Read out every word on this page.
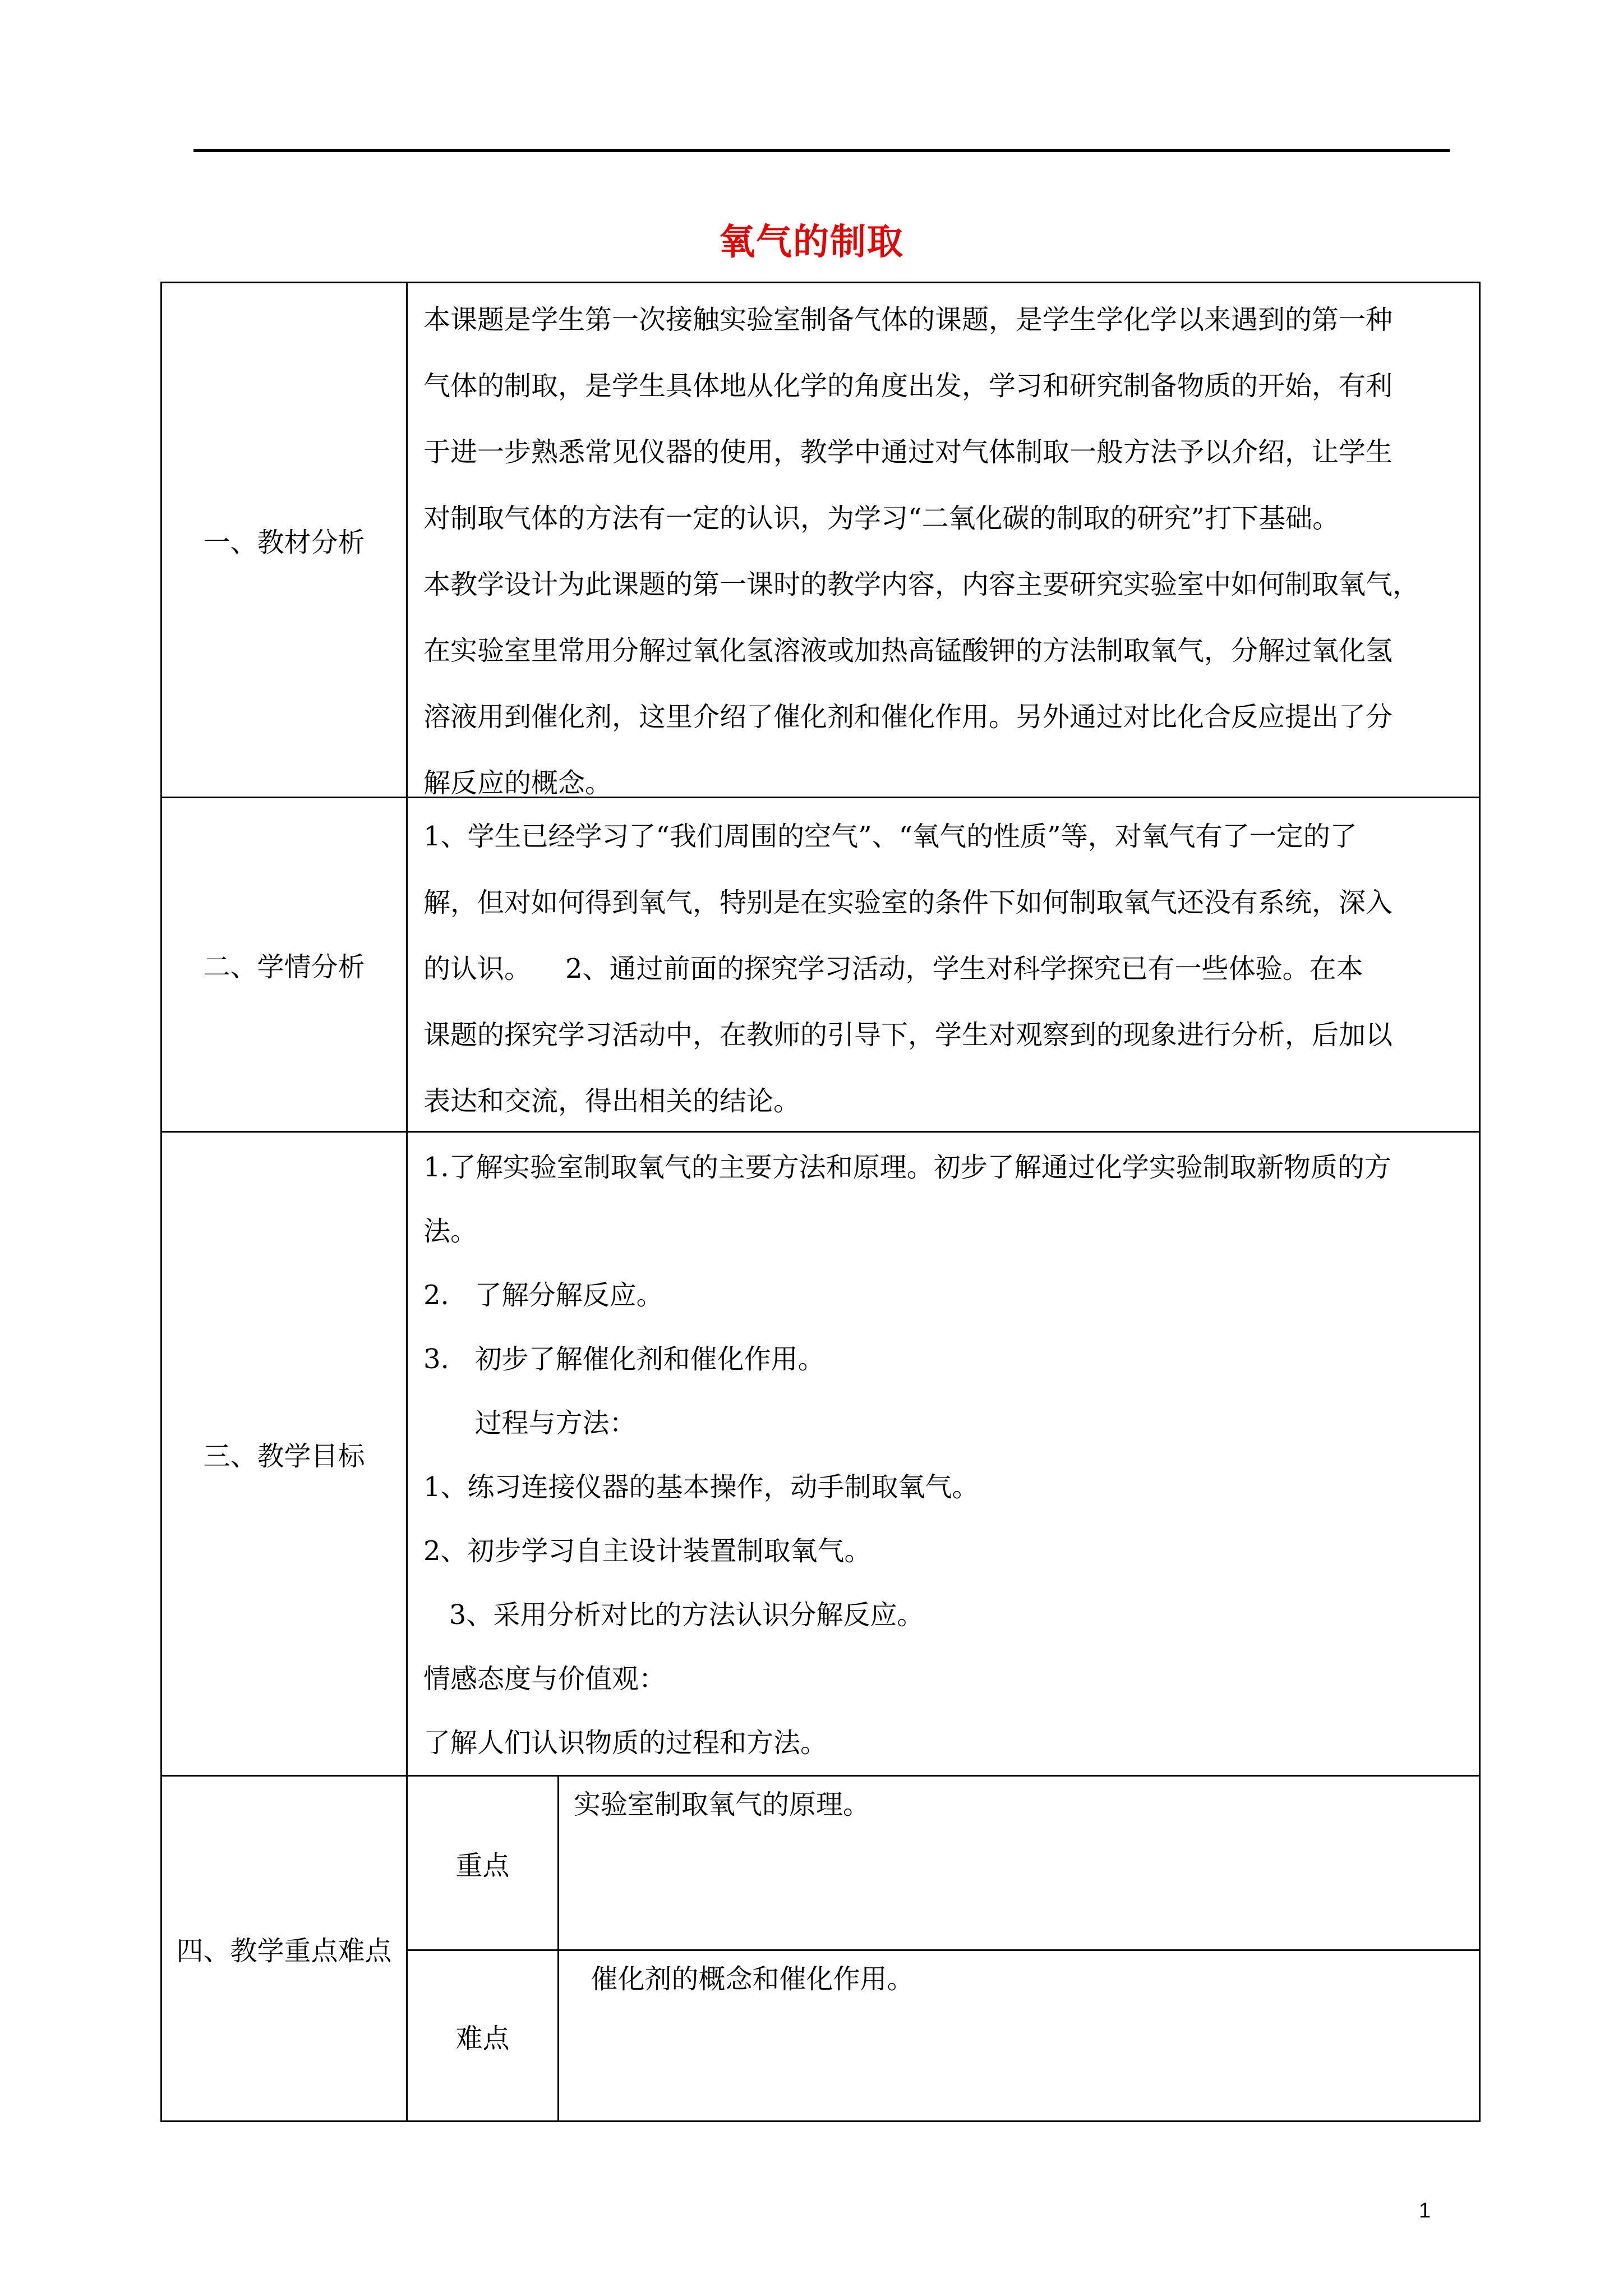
氧气的制取
一、教材分析

本课题是学生第一次接触实验室制备气体的课题，是学生学化学以来遇到的第一种

气体的制取，是学生具体地从化学的角度出发，学习和研究制备物质的开始，有利

于进一步熟悉常见仪器的使用，教学中通过对气体制取一般方法予以介绍，让学生

对制取气体的方法有一定的认识，为学习“二氧化碳的制取的研究”打下基础。

本教学设计为此课题的第一课时的教学内容，内容主要研究实验室中如何制取氧气，

在实验室里常用分解过氧化氢溶液或加热高锰酸钾的方法制取氧气，分解过氧化氢

溶液用到催化剂，这里介绍了催化剂和催化作用。另外通过对比化合反应提出了分

解反应的概念。

二、学情分析

1、学生已经学习了“我们周围的空气”、“氧气的性质”等，对氧气有了一定的了

解，但对如何得到氧气，特别是在实验室的条件下如何制取氧气还没有系统，深入

的认识。    2、通过前面的探究学习活动，学生对科学探究已有一些体验。在本

课题的探究学习活动中，在教师的引导下，学生对观察到的现象进行分析，后加以

表达和交流，得出相关的结论。

三、教学目标

1.了解实验室制取氧气的主要方法和原理。初步了解通过化学实验制取新物质的方

法。

2.   了解分解反应。

3.   初步了解催化剂和催化作用。

过程与方法：

1、练习连接仪器的基本操作，动手制取氧气。

2、初步学习自主设计装置制取氧气。

3、采用分析对比的方法认识分解反应。

情感态度与价值观：

了解人们认识物质的过程和方法。

四、教学重点难点
重点
实验室制取氧气的原理。
难点
催化剂的概念和催化作用。
1
